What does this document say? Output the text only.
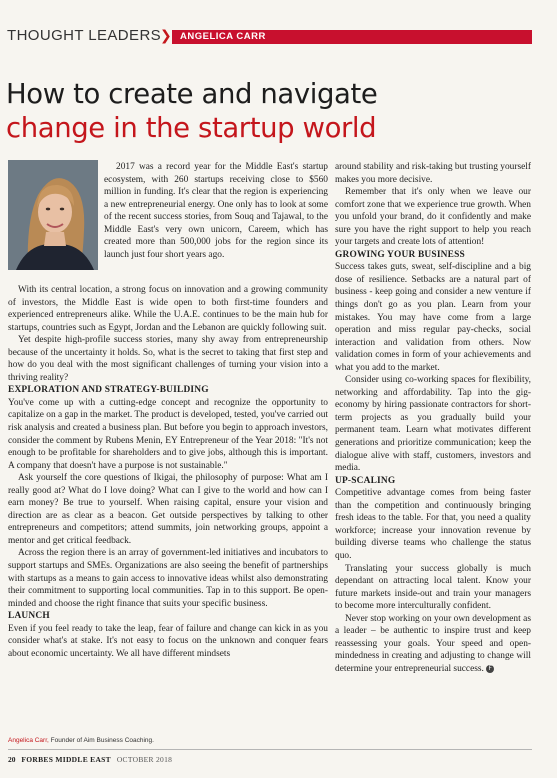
THOUGHT LEADERS
❯ ANGELICA CARR
How to create and navigate
change in the startup world

2017 was a record year for the Middle East's startup ecosystem, with 260 startups receiving close to $560 million in funding. It's clear that the region is experiencing a new entrepreneurial energy. One only has to look at some of the recent success stories, from Souq and Tajawal, to the Middle East's very own unicorn, Careem, which has created more than 500,000 jobs for the region since its launch just four short years ago.

With its central location, a strong focus on innovation and a growing community of investors, the Middle East is wide open to both first-time founders and experienced entrepreneurs alike. While the U.A.E. continues to be the main hub for startups, countries such as Egypt, Jordan and the Lebanon are quickly following suit.

Yet despite high-profile success stories, many shy away from entrepreneurship because of the uncertainty it holds. So, what is the secret to taking that first step and how do you deal with the most significant challenges of turning your vision into a thriving reality?

EXPLORATION AND STRATEGY-BUILDING

You've come up with a cutting-edge concept and recognize the opportunity to capitalize on a gap in the market. The product is developed, tested, you've carried out risk analysis and created a business plan. But before you begin to approach investors, consider the comment by Rubens Menin, EY Entrepreneur of the Year 2018: "It's not enough to be profitable for shareholders and to give jobs, although this is important. A company that doesn't have a purpose is not sustainable."

Ask yourself the core questions of Ikigai, the philosophy of purpose: What am I really good at? What do I love doing? What can I give to the world and how can I earn money? Be true to yourself. When raising capital, ensure your vision and direction are as clear as a beacon. Get outside perspectives by talking to other entrepreneurs and competitors; attend summits, join networking groups, appoint a mentor and get critical feedback.

Across the region there is an array of government-led initiatives and incubators to support startups and SMEs. Organizations are also seeing the benefit of partnerships with startups as a means to gain access to innovative ideas whilst also demonstrating their commitment to supporting local communities. Tap in to this support. Be open-minded and choose the right finance that suits your specific business.

LAUNCH

Even if you feel ready to take the leap, fear of failure and change can kick in as you consider what's at stake. It's not easy to focus on the unknown and conquer fears about economic uncertainty. We all have different mindsets

around stability and risk-taking but trusting yourself makes you more decisive.

Remember that it's only when we leave our comfort zone that we experience true growth. When you unfold your brand, do it confidently and make sure you have the right support to help you reach your targets and create lots of attention!

GROWING YOUR BUSINESS

Success takes guts, sweat, self-discipline and a big dose of resilience. Setbacks are a natural part of business - keep going and consider a new venture if things don't go as you plan. Learn from your mistakes. You may have come from a large operation and miss regular pay-checks, social interaction and validation from others. Now validation comes in form of your achievements and what you add to the market.

Consider using co-working spaces for flexibility, networking and affordability. Tap into the gig-economy by hiring passionate contractors for short-term projects as you gradually build your permanent team. Learn what motivates different generations and prioritize communication; keep the dialogue alive with staff, customers, investors and media.

UP-SCALING

Competitive advantage comes from being faster than the competition and continuously bringing fresh ideas to the table. For that, you need a quality workforce; increase your innovation revenue by building diverse teams who challenge the status quo.

Translating your success globally is much dependant on attracting local talent. Know your future markets inside-out and train your managers to become more interculturally confident.

Never stop working on your own development as a leader – be authentic to inspire trust and keep reassessing your goals. Your speed and open-mindedness in creating and adjusting to change will determine your entrepreneurial success. F

Angelica Carr, Founder of Aim Business Coaching.
20 FORBES MIDDLE EAST OCTOBER 2018
